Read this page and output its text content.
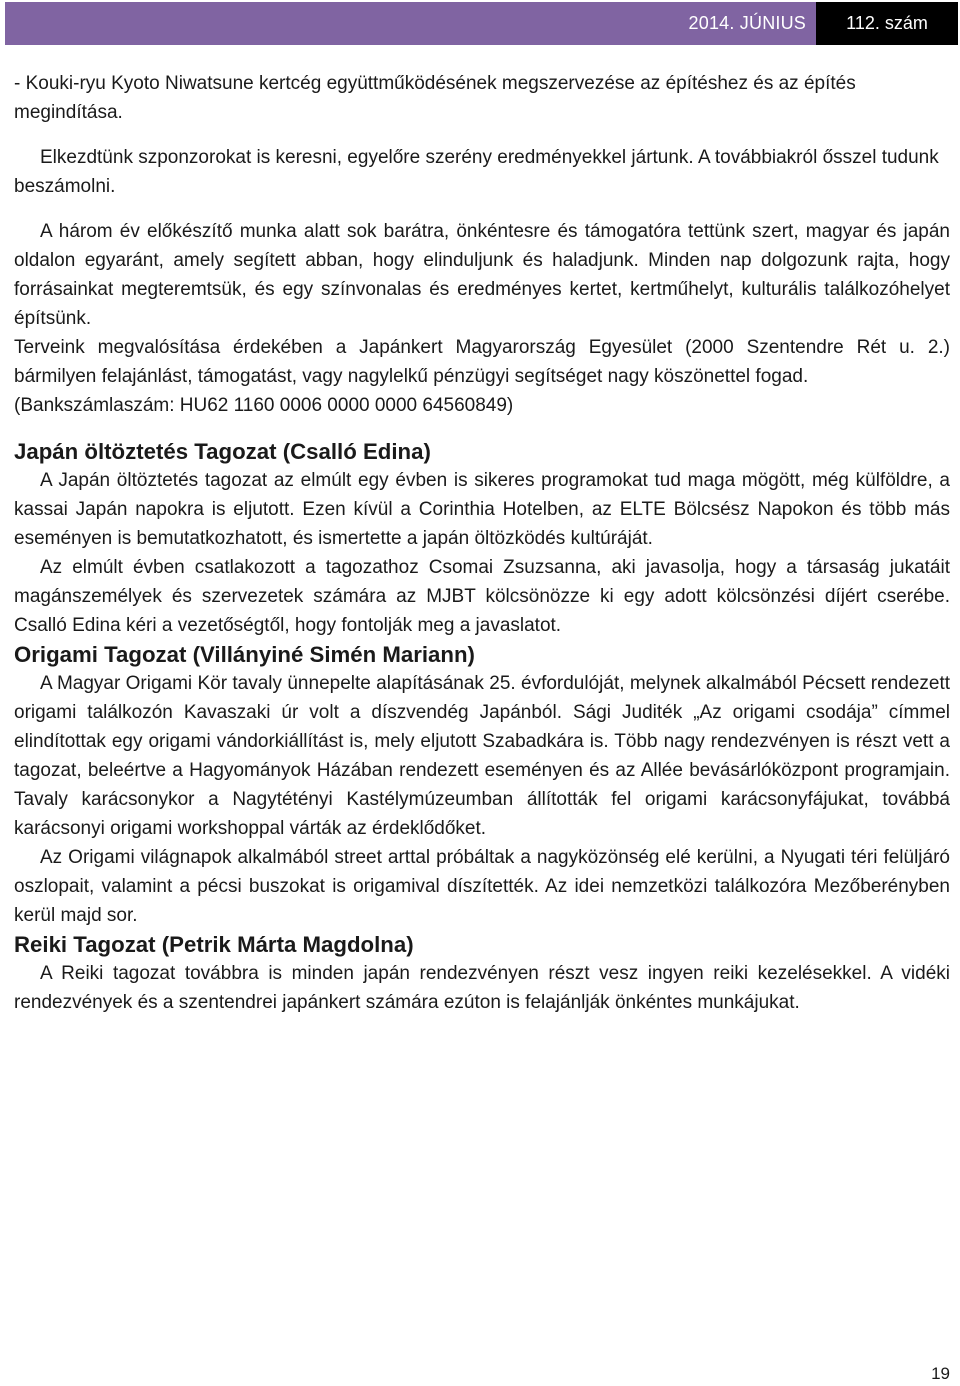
2014. JÚNIUS	112. szám

- Kouki-ryu Kyoto Niwatsune kertcég együttműködésének megszervezése az építéshez és az építés megindítása.

Elkezdtünk szponzorokat is keresni, egyelőre szerény eredményekkel jártunk. A továbbiakról ősszel tudunk beszámolni.

A három év előkészítő munka alatt sok barátra, önkéntesre és támogatóra tettünk szert, magyar és japán oldalon egyaránt, amely segített abban, hogy elinduljunk és haladjunk. Minden nap dolgozunk rajta, hogy forrásainkat megteremtsük, és egy színvonalas és eredményes kertet, kertműhelyt, kulturális találkozóhelyet építsünk.

Terveink megvalósítása érdekében a Japánkert Magyarország Egyesület (2000 Szentendre Rét u. 2.) bármilyen felajánlást, támogatást, vagy nagylelkű pénzügyi segítséget nagy köszönettel fogad.

(Bankszámlaszám: HU62 1160 0006 0000 0000 64560849)

Japán öltöztetés Tagozat (Csalló Edina)

A Japán öltöztetés tagozat az elmúlt egy évben is sikeres programokat tud maga mögött, még külföldre, a kassai Japán napokra is eljutott. Ezen kívül a Corinthia Hotelben, az ELTE Bölcsész Napokon és több más eseményen is bemutatkozhatott, és ismertette a japán öltözködés kultúráját.

Az elmúlt évben csatlakozott a tagozathoz Csomai Zsuzsanna, aki javasolja, hogy a társaság jukatáit magánszemélyek és szervezetek számára az MJBT kölcsönözze ki egy adott kölcsönzési díjért cserébe. Csalló Edina kéri a vezetőségtől, hogy fontolják meg a javaslatot.

Origami Tagozat (Villányiné Simén Mariann)

A Magyar Origami Kör tavaly ünnepelte alapításának 25. évfordulóját, melynek alkalmából Pécsett rendezett origami találkozón Kavaszaki úr volt a díszvendég Japánból. Sági Juditék „Az origami csodája” címmel elindítottak egy origami vándorkiállítást is, mely eljutott Szabadkára is. Több nagy rendezvényen is részt vett a tagozat, beleértve a Hagyományok Házában rendezett eseményen és az Allée bevásárlóközpont programjain. Tavaly karácsonykor a Nagytétényi Kastélymúzeumban állították fel origami karácsonyfájukat, továbbá karácsonyi origami workshoppal várták az érdeklődőket.

Az Origami világnapok alkalmából street arttal próbáltak a nagyközönség elé kerülni, a Nyugati téri felüljáró oszlopait, valamint a pécsi buszokat is origamival díszítették. Az idei nemzetközi találkozóra Mezőberényben kerül majd sor.

Reiki Tagozat (Petrik Márta Magdolna)

A Reiki tagozat továbbra is minden japán rendezvényen részt vesz ingyen reiki kezelésekkel. A vidéki rendezvények és a szentendrei japánkert számára ezúton is felajánlják önkéntes munkájukat.

19
